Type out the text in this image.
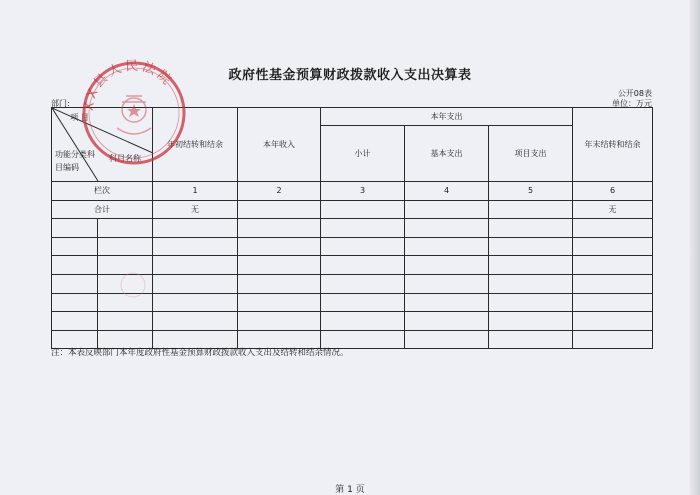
政府性基金预算财政拨款收入支出决算表
部门:
公开08表
单位：万元
项 目
功能分类科目编码
科目名称		年初结转和结余	本年收入	本年支出			年末结转和结余
				小计	基本支出	项目支出	
栏次		1	2	3	4	5	6
合计		无					无

注：本表反映部门本年度政府性基金预算财政拨款收入支出及结转和结余情况。
第 1 页
XX县人民法院
